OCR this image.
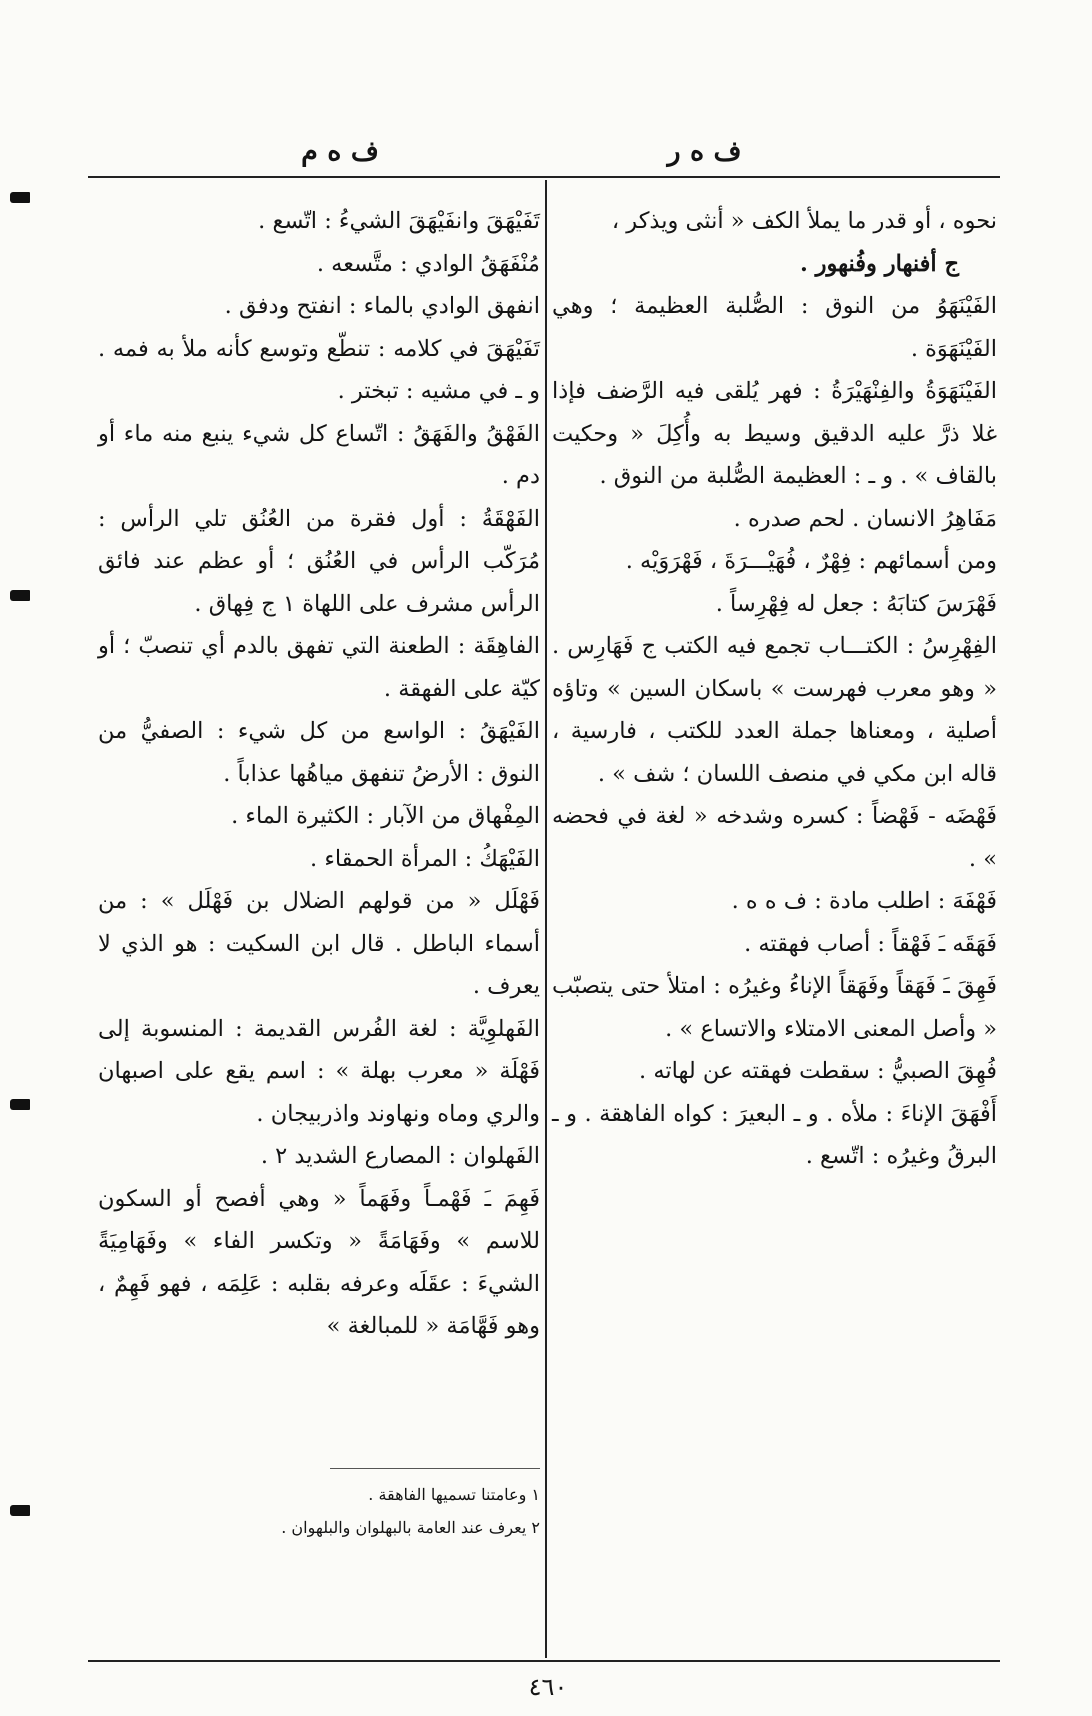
ف ه ر
ف ه م

نحوه ، أو قدر ما يملأ الكف « أنثى ويذكر ،

ج أفنهار وفُنهور .

الفَيْنَهَوُ من النوق : الصُّلبة العظيمة ؛ وهي الفَيْنَهَوَة .

الفَيْنَهَوَةُ والفِنْهَيْرَةُ : فهر يُلقى فيه الرَّضف فإذا غلا ذرَّ عليه الدقيق وسيط به وأُكِلَ « وحكيت بالقاف » . و ـ : العظيمة الصُّلبة من النوق .

مَفَاهِرُ الانسان . لحم صدره .

ومن أسمائهم : فِهْرٌ ، فُهَيْـــرَةَ ، فَهْرَوَيْه .

فَهْرَسَ كتابَهُ : جعل له فِهْرِساً .

الفِهْرِسُ : الكتـــاب تجمع فيه الكتب ج فَهَارِس . « وهو معرب فهرست » باسكان السين » وتاؤه أصلية ، ومعناها جملة العدد للكتب ، فارسية ، قاله ابن مكي في منصف اللسان ؛ شف » .

فَهْضَه - فَهْضاً : كسره وشدخه « لغة في فحضه » .

فَهْفَهَ : اطلب مادة : ف ه ه .

فَهَقَه ـَ فَهْقاً : أصاب فهقته .

فَهِقَ ـَ فَهَقاً وفَهَقاً الإناءُ وغيرُه : امتلأ حتى يتصبّب « وأصل المعنى الامتلاء والاتساع » .

فُهِقَ الصبيُّ : سقطت فهقته عن لهاته .

أَفْهَقَ الإناءَ : ملأه . و ـ البعيرَ : كواه الفاهقة . و ـ البرقُ وغيرُه : اتّسع .

تَفَيْهَقَ وانفَيْهَقَ الشيءُ : اتّسع .

مُنْفَهَقُ الوادي : متَّسعه .

انفهق الوادي بالماء : انفتح ودفق .

تَفَيْهَقَ في كلامه : تنطّع وتوسع كأنه ملأ به فمه . و ـ في مشيه : تبختر .

الفَهْقُ والفَهَقُ : اتّساع كل شيء ينبع منه ماء أو دم .

الفَهْقَةُ : أول فقرة من العُنُق تلي الرأس : مُرَكّب الرأس في العُنُق ؛ أو عظم عند فائق الرأس مشرف على اللهاة ١ ج فِهاق .

الفاهِقَة : الطعنة التي تفهق بالدم أي تنصبّ ؛ أو كيّة على الفهقة .

الفَيْهَقُ : الواسع من كل شيء : الصفيُّ من النوق : الأرضُ تنفهق مياهُها عذاباً .

المِفْهاق من الآبار : الكثيرة الماء .

الفَيْهَكُ : المرأة الحمقاء .

فَهْلَل « من قولهم الضلال بن فَهْلَل » : من أسماء الباطل . قال ابن السكيت : هو الذي لا يعرف .

الفَهلوِيَّة : لغة الفُرس القديمة : المنسوبة إلى فَهْلَة « معرب بهلة » : اسم يقع على اصبهان والري وماه ونهاوند واذربيجان .

الفَهلوان : المصارع الشديد ٢ .

فَهِمَ ـَ فَهْمـاً وفَهَماً « وهي أفصح أو السكون للاسم » وفَهَامَةً « وتكسر الفاء » وفَهَامِيَةً الشيءَ : عقَلَه وعرفه بقلبه : عَلِمَه ، فهو فَهِمٌ ، وهو فَهَّامَة « للمبالغة »

١ وعامتنا تسميها الفاهقة .

٢ يعرف عند العامة بالبهلوان والبلهوان .

٤٦٠
